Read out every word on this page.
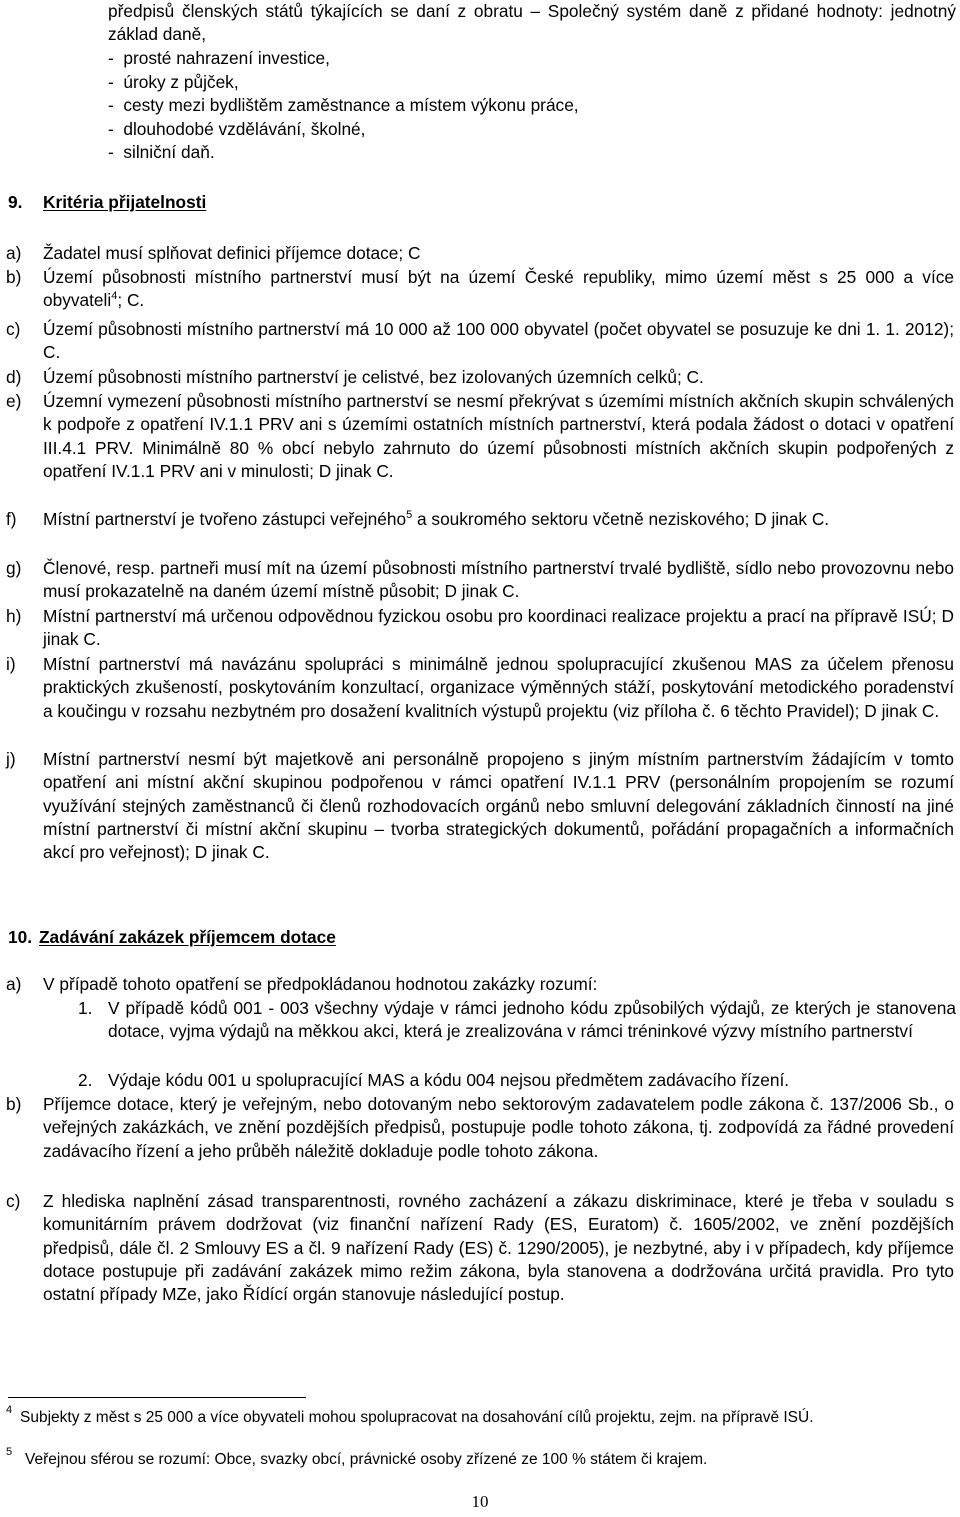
předpisů členských států týkajících se daní z obratu – Společný systém daně z přidané hodnoty: jednotný základ daně,
-  prosté nahrazení investice,
-  úroky z půjček,
-  cesty mezi bydlištěm zaměstnance a místem výkonu práce,
-  dlouhodobé vzdělávání, školné,
-  silniční daň.
9. Kritéria přijatelnosti
a) Žadatel musí splňovat definici příjemce dotace; C
b) Území působnosti místního partnerství musí být na území České republiky, mimo území měst s 25 000 a více obyvateli$^4$; C.
c) Území působnosti místního partnerství má 10 000 až 100 000 obyvatel (počet obyvatel se posuzuje ke dni 1. 1. 2012); C.
d) Území působnosti místního partnerství je celistvé, bez izolovaných územních celků; C.
e) Územní vymezení působnosti místního partnerství se nesmí překrývat s územími místních akčních skupin schválených k podpoře z opatření IV.1.1 PRV ani s územími ostatních místních partnerství, která podala žádost o dotaci v opatření III.4.1 PRV. Minimálně 80 % obcí nebylo zahrnuto do území působnosti místních akčních skupin podpořených z opatření IV.1.1 PRV ani v minulosti; D jinak C.
f) Místní partnerství je tvořeno zástupci veřejného$^5$ a soukromého sektoru včetně neziskového; D jinak C.
g) Členové, resp. partneři musí mít na území působnosti místního partnerství trvalé bydliště, sídlo nebo provozovnu nebo musí prokazatelně na daném území místně působit; D jinak C.
h) Místní partnerství má určenou odpovědnou fyzickou osobu pro koordinaci realizace projektu a prací na přípravě ISÚ; D jinak C.
i) Místní partnerství má navázánu spolupráci s minimálně jednou spolupracující zkušenou MAS za účelem přenosu praktických zkušeností, poskytováním konzultací, organizace výměnných stáží, poskytování metodického poradenství a koučingu v rozsahu nezbytném pro dosažení kvalitních výstupů projektu (viz příloha č. 6 těchto Pravidel); D jinak C.
j) Místní partnerství nesmí být majetkově ani personálně propojeno s jiným místním partnerstvím žádajícím v tomto opatření ani místní akční skupinou podpořenou v rámci opatření IV.1.1 PRV (personálním propojením se rozumí využívání stejných zaměstnanců či členů rozhodovacích orgánů nebo smluvní delegování základních činností na jiné místní partnerství či místní akční skupinu – tvorba strategických dokumentů, pořádání propagačních a informačních akcí pro veřejnost); D jinak C.
10. Zadávání zakázek příjemcem dotace
a) V případě tohoto opatření se předpokládanou hodnotou zakázky rozumí:
1. V případě kódů 001 - 003 všechny výdaje v rámci jednoho kódu způsobilých výdajů, ze kterých je stanovena dotace, vyjma výdajů na měkkou akci, která je zrealizována v rámci tréninkové výzvy místního partnerství
2. Výdaje kódu 001 u spolupracující MAS a kódu 004 nejsou předmětem zadávacího řízení.
b) Příjemce dotace, který je veřejným, nebo dotovaným nebo sektorovým zadavatelem podle zákona č. 137/2006 Sb., o veřejných zakázkách, ve znění pozdějších předpisů, postupuje podle tohoto zákona, tj. zodpovídá za řádné provedení zadávacího řízení a jeho průběh náležitě dokladuje podle tohoto zákona.
c) Z hlediska naplnění zásad transparentnosti, rovného zacházení a zákazu diskriminace, které je třeba v souladu s komunitárním právem dodržovat (viz finanční nařízení Rady (ES, Euratom) č. 1605/2002, ve znění pozdějších předpisů, dále čl. 2 Smlouvy ES a čl. 9 nařízení Rady (ES) č. 1290/2005), je nezbytné, aby i v případech, kdy příjemce dotace postupuje při zadávání zakázek mimo režim zákona, byla stanovena a dodržována určitá pravidla. Pro tyto ostatní případy MZe, jako Řídící orgán stanovuje následující postup.
4 Subjekty z měst s 25 000 a více obyvateli mohou spolupracovat na dosahování cílů projektu, zejm. na přípravě ISÚ.
5 Veřejnou sférou se rozumí: Obce, svazky obcí, právnické osoby zřízené ze 100 % státem či krajem.
10
